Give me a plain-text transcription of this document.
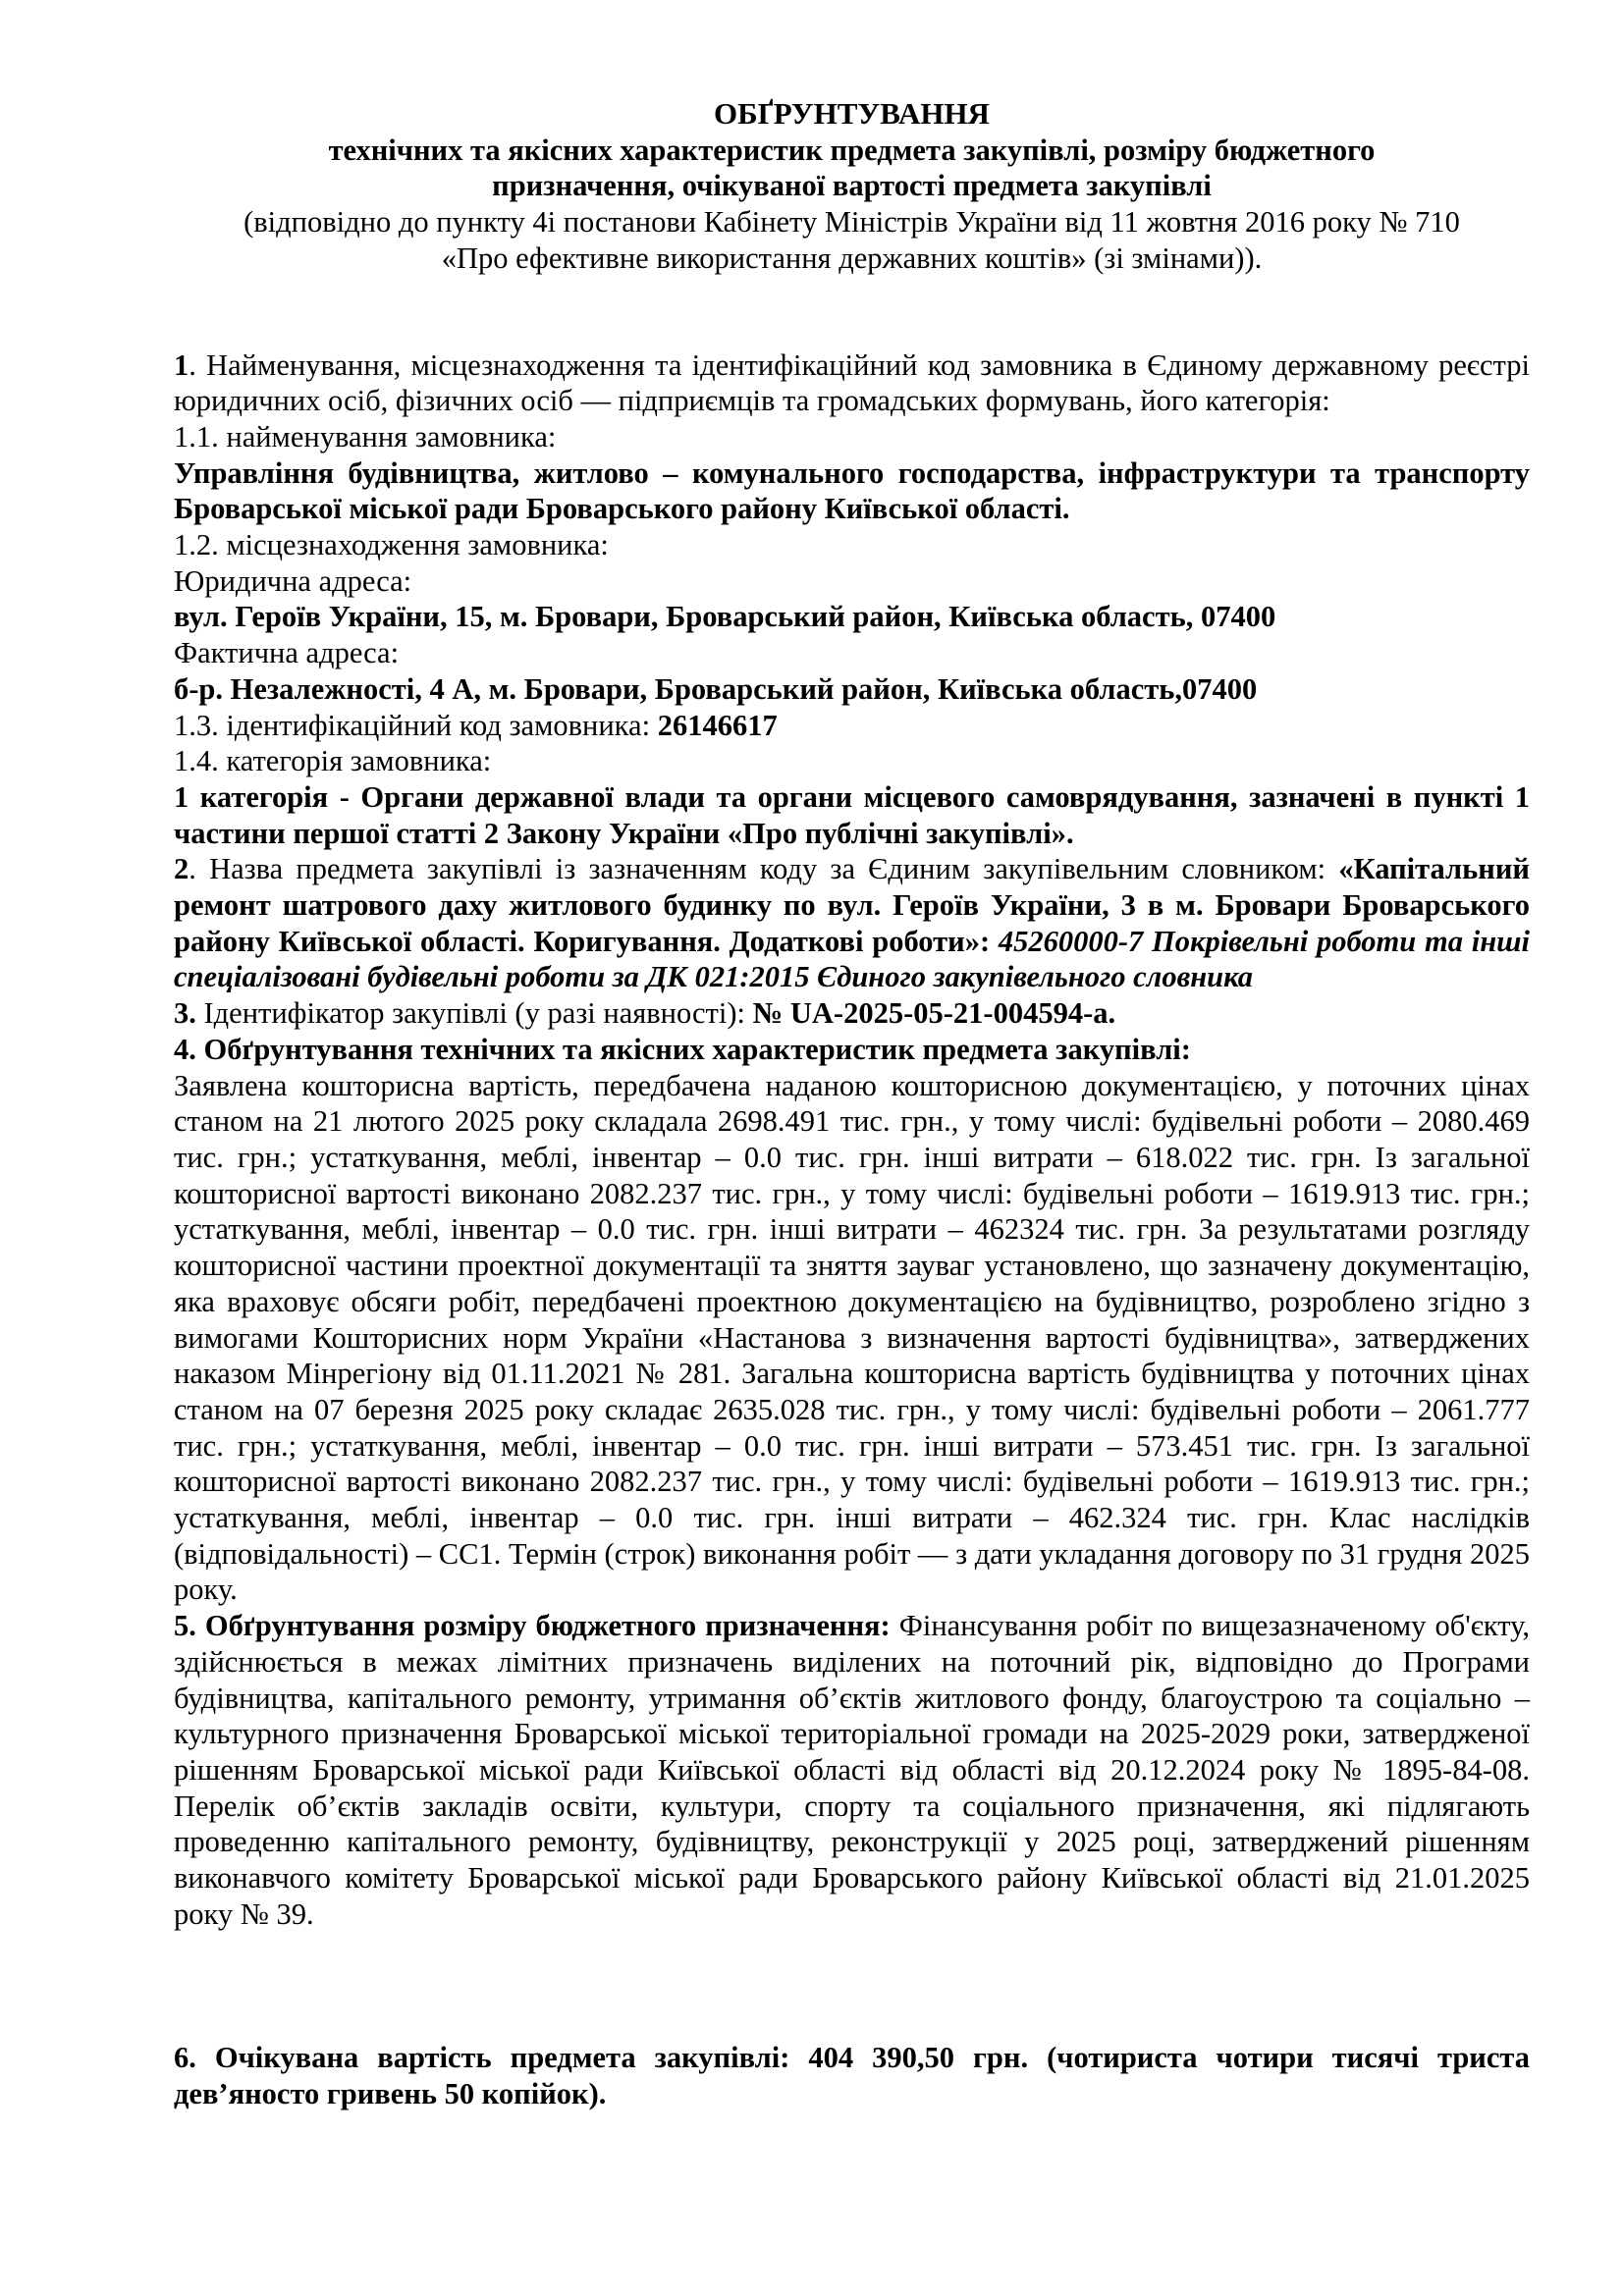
ОБҐРУНТУВАННЯ

технічних та якісних характеристик предмета закупівлі, розміру бюджетного

призначення, очікуваної вартості предмета закупівлі

(відповідно до пункту 4і постанови Кабінету Міністрів України від 11 жовтня 2016 року № 710

«Про ефективне використання державних коштів» (зі змінами)).

1. Найменування, місцезнаходження та ідентифікаційний код замовника в Єдиному державному реєстрі юридичних осіб, фізичних осіб — підприємців та громадських формувань, його категорія:

1.1. найменування замовника:

Управління будівництва, житлово – комунального господарства, інфраструктури та транспорту Броварської міської ради Броварського району Київської області.

1.2. місцезнаходження замовника:

Юридична адреса:

вул. Героїв України, 15, м. Бровари, Броварський район, Київська область, 07400

Фактична адреса:

б-р. Незалежності, 4 А, м. Бровари, Броварський район, Київська область,07400

1.3. ідентифікаційний код замовника: 26146617

1.4. категорія замовника:

1 категорія - Органи державної влади та органи місцевого самоврядування, зазначені в пункті 1 частини першої статті 2 Закону України «Про публічні закупівлі».

2. Назва предмета закупівлі із зазначенням коду за Єдиним закупівельним словником: «Капітальний ремонт шатрового даху житлового будинку по вул. Героїв України, 3 в м. Бровари Броварського району Київської області. Коригування. Додаткові роботи»: 45260000-7 Покрівельні роботи та інші спеціалізовані будівельні роботи за ДК 021:2015 Єдиного закупівельного словника

3. Ідентифікатор закупівлі (у разі наявності): № UA-2025-05-21-004594-a.

4. Обґрунтування технічних та якісних характеристик предмета закупівлі:

Заявлена кошторисна вартість, передбачена наданою кошторисною документацією, у поточних цінах станом на 21 лютого 2025 року складала 2698.491 тис. грн., у тому числі: будівельні роботи – 2080.469 тис. грн.; устаткування, меблі, інвентар – 0.0 тис. грн. інші витрати – 618.022 тис. грн. Із загальної кошторисної вартості виконано 2082.237 тис. грн., у тому числі: будівельні роботи – 1619.913 тис. грн.; устаткування, меблі, інвентар – 0.0 тис. грн. інші витрати – 462324 тис. грн. За результатами розгляду кошторисної частини проектної документації та зняття зауваг установлено, що зазначену документацію, яка враховує обсяги робіт, передбачені проектною документацією на будівництво, розроблено згідно з вимогами Кошторисних норм України «Настанова з визначення вартості будівництва», затверджених наказом Мінрегіону від 01.11.2021 № 281. Загальна кошторисна вартість будівництва у поточних цінах станом на 07 березня 2025 року складає 2635.028 тис. грн., у тому числі: будівельні роботи – 2061.777 тис. грн.; устаткування, меблі, інвентар – 0.0 тис. грн. інші витрати – 573.451 тис. грн. Із загальної кошторисної вартості виконано 2082.237 тис. грн., у тому числі: будівельні роботи – 1619.913 тис. грн.; устаткування, меблі, інвентар – 0.0 тис. грн. інші витрати – 462.324 тис. грн. Клас наслідків (відповідальності) – СС1. Термін (строк) виконання робіт — з дати укладання договору по 31 грудня 2025 року.

5. Обґрунтування розміру бюджетного призначення: Фінансування робіт по вищезазначеному об'єкту, здійснюється в межах лімітних призначень виділених на поточний рік, відповідно до Програми будівництва, капітального ремонту, утримання об’єктів житлового фонду, благоустрою та соціально – культурного призначення Броварської міської територіальної громади на 2025-2029 роки, затвердженої рішенням Броварської міської ради Київської області від області від 20.12.2024 року № 1895-84-08. Перелік об’єктів закладів освіти, культури, спорту та соціального призначення, які підлягають проведенню капітального ремонту, будівництву, реконструкції у 2025 році, затверджений рішенням виконавчого комітету Броварської міської ради Броварського району Київської області від 21.01.2025 року № 39.

6. Очікувана вартість предмета закупівлі: 404 390,50 грн. (чотириста чотири тисячі триста дев’яносто гривень 50 копійок).
